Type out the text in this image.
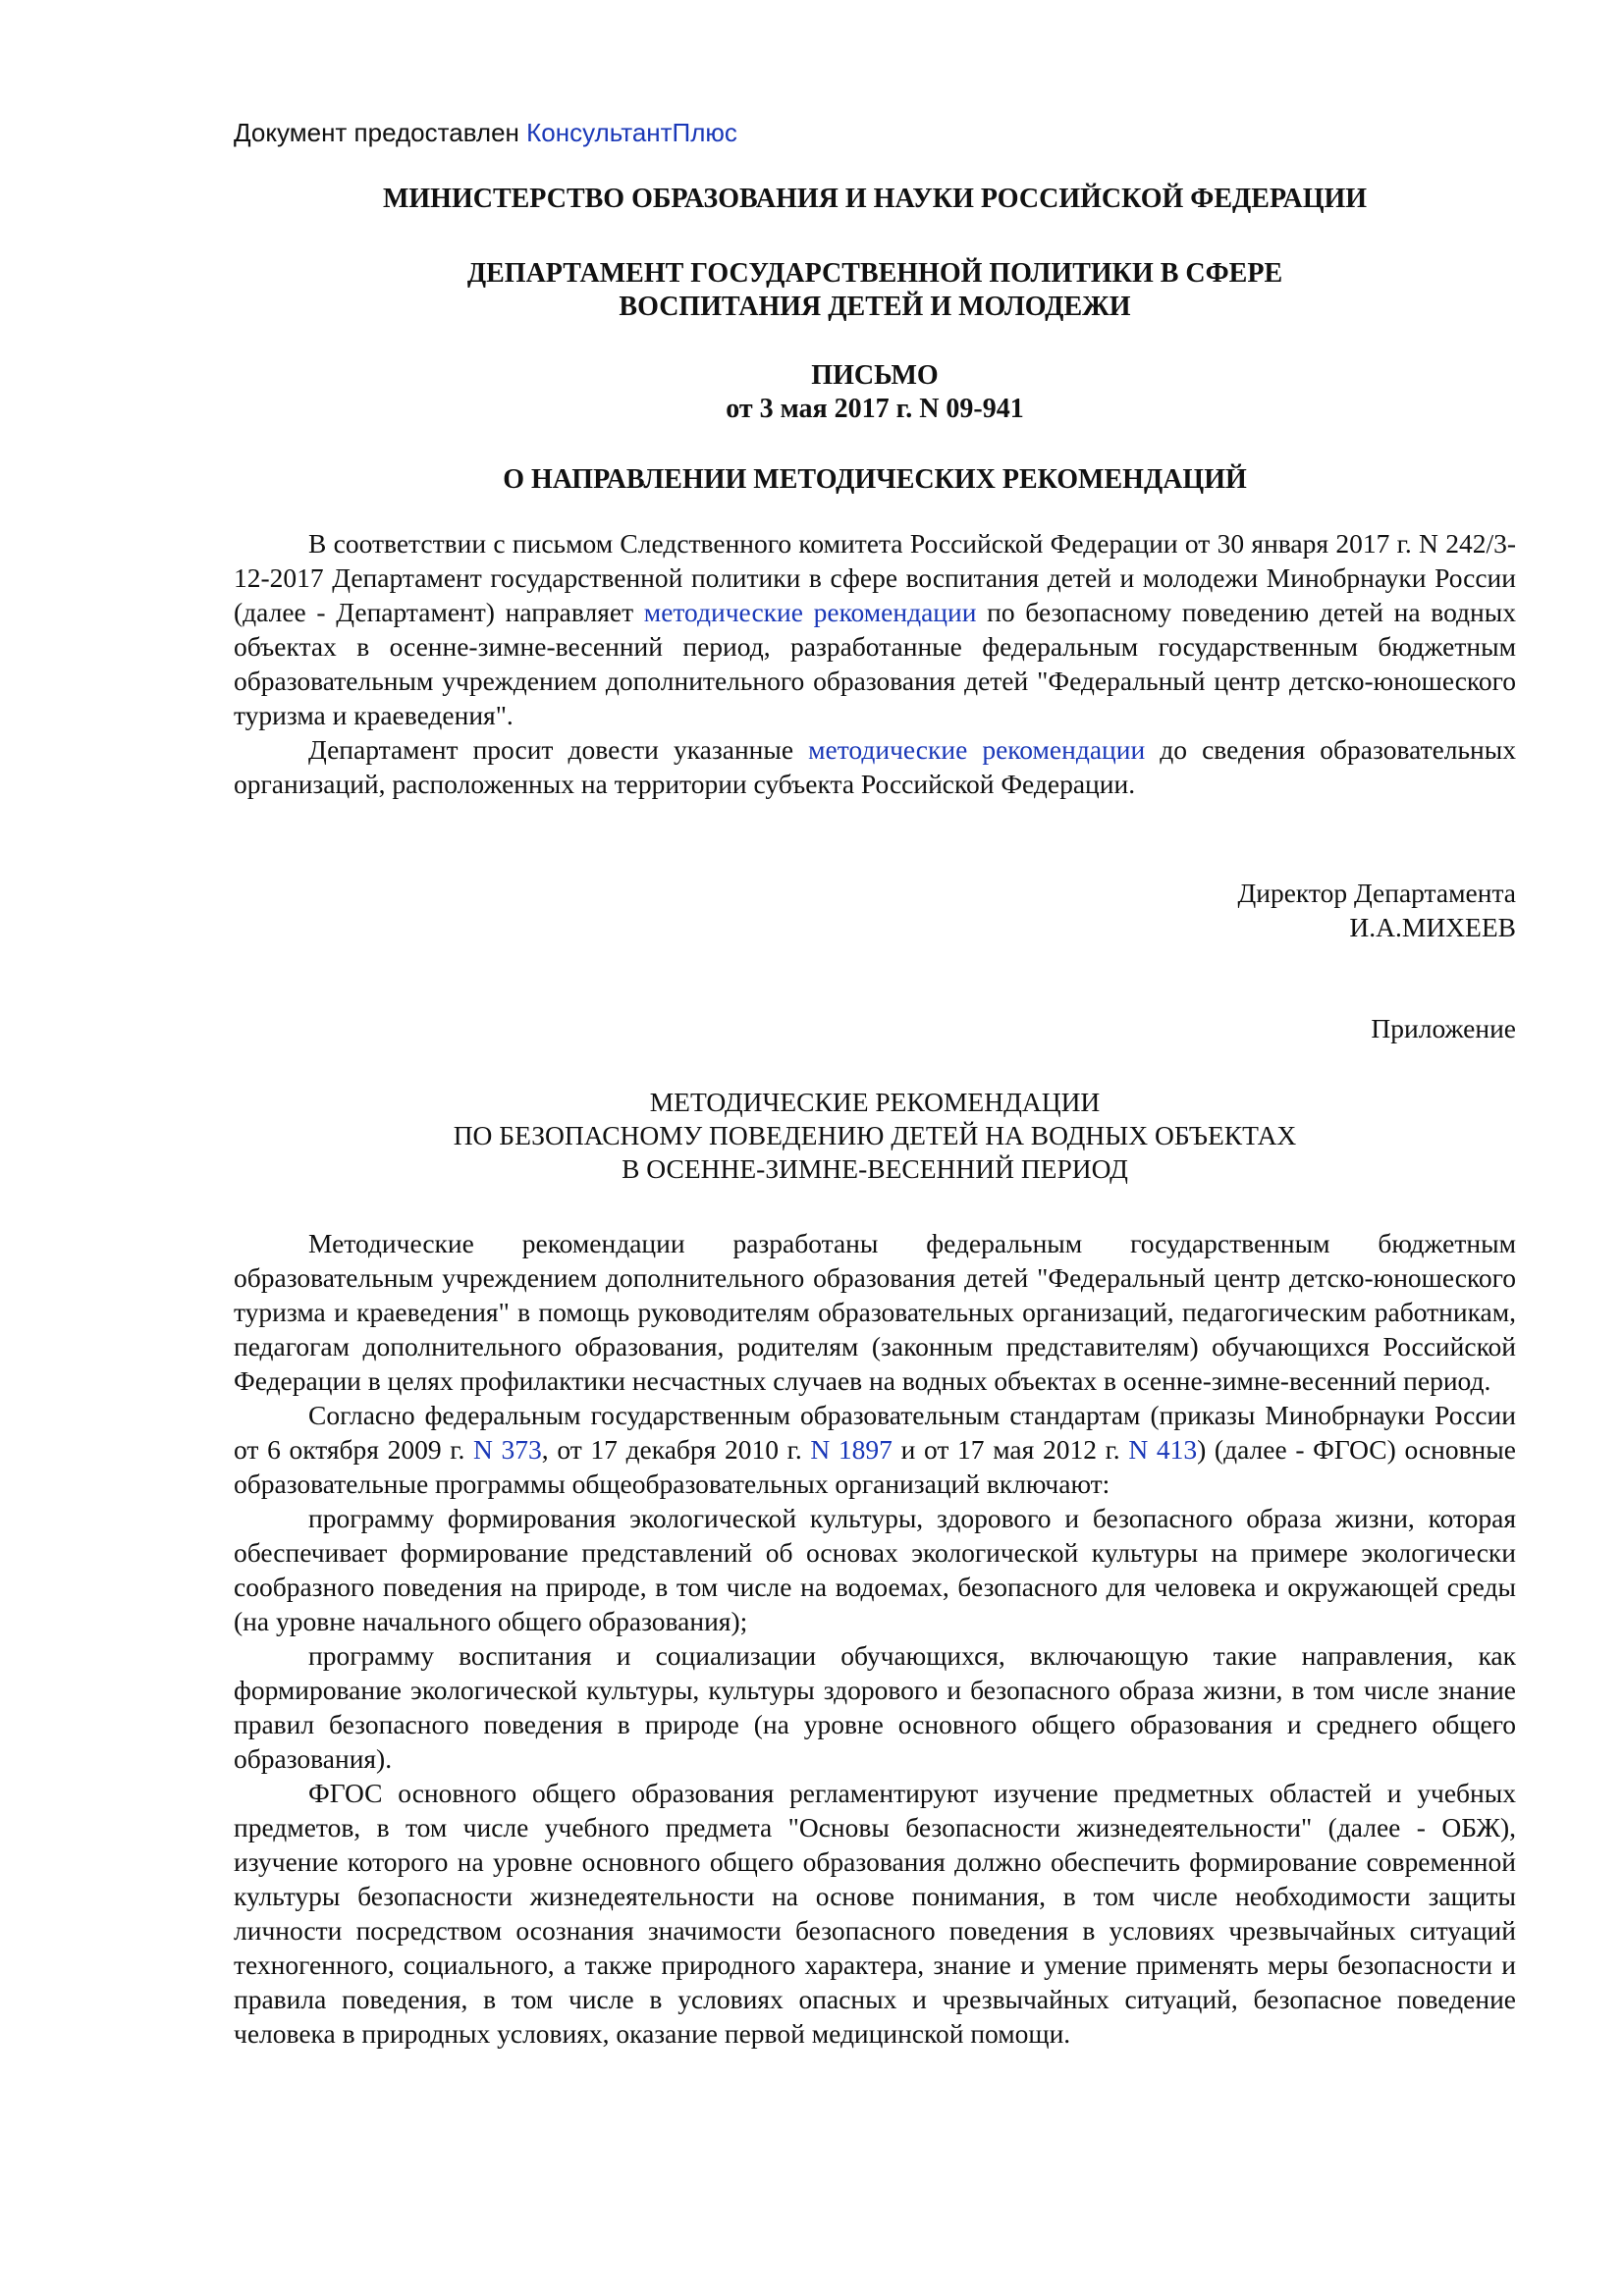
Документ предоставлен КонсультантПлюс
МИНИСТЕРСТВО ОБРАЗОВАНИЯ И НАУКИ РОССИЙСКОЙ ФЕДЕРАЦИИ
ДЕПАРТАМЕНТ ГОСУДАРСТВЕННОЙ ПОЛИТИКИ В СФЕРЕ
ВОСПИТАНИЯ ДЕТЕЙ И МОЛОДЕЖИ
ПИСЬМО
от 3 мая 2017 г. N 09-941
О НАПРАВЛЕНИИ МЕТОДИЧЕСКИХ РЕКОМЕНДАЦИЙ

В соответствии с письмом Следственного комитета Российской Федерации от 30 января 2017 г. N 242/3-12-2017 Департамент государственной политики в сфере воспитания детей и молодежи Минобрнауки России (далее - Департамент) направляет методические рекомендации по безопасному поведению детей на водных объектах в осенне-зимне-весенний период, разработанные федеральным государственным бюджетным образовательным учреждением дополнительного образования детей "Федеральный центр детско-юношеского туризма и краеведения".

Департамент просит довести указанные методические рекомендации до сведения образовательных организаций, расположенных на территории субъекта Российской Федерации.

Директор Департамента
И.А.МИХЕЕВ
Приложение
МЕТОДИЧЕСКИЕ РЕКОМЕНДАЦИИ
ПО БЕЗОПАСНОМУ ПОВЕДЕНИЮ ДЕТЕЙ НА ВОДНЫХ ОБЪЕКТАХ
В ОСЕННЕ-ЗИМНЕ-ВЕСЕННИЙ ПЕРИОД

Методические рекомендации разработаны федеральным государственным бюджетным образовательным учреждением дополнительного образования детей "Федеральный центр детско-юношеского туризма и краеведения" в помощь руководителям образовательных организаций, педагогическим работникам, педагогам дополнительного образования, родителям (законным представителям) обучающихся Российской Федерации в целях профилактики несчастных случаев на водных объектах в осенне-зимне-весенний период.

Согласно федеральным государственным образовательным стандартам (приказы Минобрнауки России от 6 октября 2009 г. N 373, от 17 декабря 2010 г. N 1897 и от 17 мая 2012 г. N 413) (далее - ФГОС) основные образовательные программы общеобразовательных организаций включают:

программу формирования экологической культуры, здорового и безопасного образа жизни, которая обеспечивает формирование представлений об основах экологической культуры на примере экологически сообразного поведения на природе, в том числе на водоемах, безопасного для человека и окружающей среды (на уровне начального общего образования);

программу воспитания и социализации обучающихся, включающую такие направления, как формирование экологической культуры, культуры здорового и безопасного образа жизни, в том числе знание правил безопасного поведения в природе (на уровне основного общего образования и среднего общего образования).

ФГОС основного общего образования регламентируют изучение предметных областей и учебных предметов, в том числе учебного предмета "Основы безопасности жизнедеятельности" (далее - ОБЖ), изучение которого на уровне основного общего образования должно обеспечить формирование современной культуры безопасности жизнедеятельности на основе понимания, в том числе необходимости защиты личности посредством осознания значимости безопасного поведения в условиях чрезвычайных ситуаций техногенного, социального, а также природного характера, знание и умение применять меры безопасности и правила поведения, в том числе в условиях опасных и чрезвычайных ситуаций, безопасное поведение человека в природных условиях, оказание первой медицинской помощи.
